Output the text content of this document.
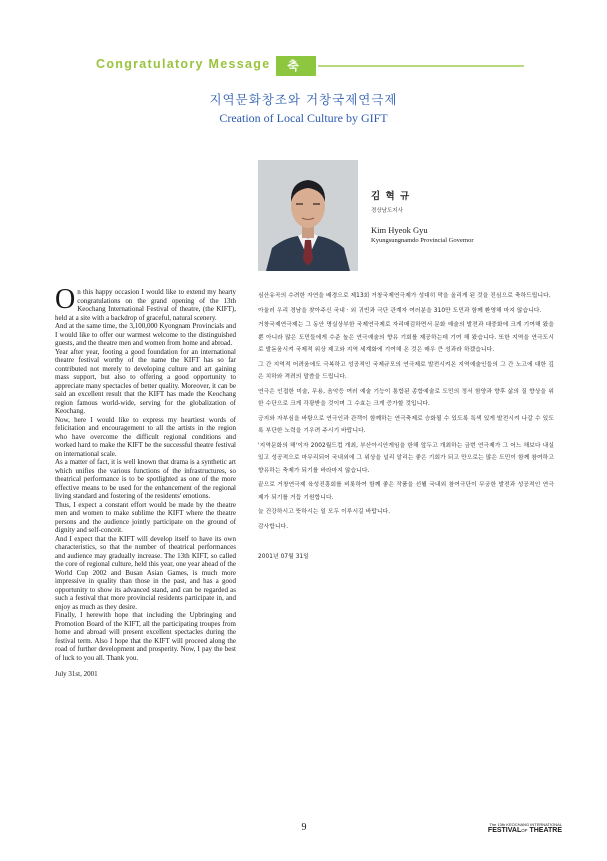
Congratulatory Message	축 사
지역문화창조와 거창국제연극제
Creation of Local Culture by GIFT
김 혁 규
경상남도지사
Kim Hyeok Gyu
Kyungsungnamdo Provincial Governor

On this happy occasion I would like to extend my hearty congratulations on the grand opening of the 13th Keochang International Festival of theatre, (the KIFT), held at a site with a backdrop of graceful, natural scenery.

And at the same time, the 3,100,000 Kyongnam Provincials and I would like to offer our warmest welcome to the distinguished guests, and the theatre men and women from home and abroad.

Year after year, footing a good foundation for an international theatre festival worthy of the name the KIFT has so far contributed not merely to developing culture and art gaining mass support, but also to offering a good opportunity to appreciate many spectacles of better quality. Moreover, it can be said an excellent result that the KIFT has made the Keochang region famous world-wide, serving for the globalization of Keochang.

Now, here I would like to express my heartiest words of felicitation and encouragement to all the artists in the region who have overcome the difficult regional conditions and worked hard to make the KIFT be the successful theatre festival on international scale.

As a matter of fact, it is well known that drama is a synthetic art which unifies the various functions of the infrastructures, so theatrical performance is to be spotlighted as one of the more effective means to be used for the enhancement of the regional living standard and fostering of the residents' emotions.

Thus, I expect a constant effort would be made by the theatre men and women to make sublime the KIFT where the theatre persons and the audience jointly participate on the ground of dignity and self-conceit.

And I expect that the KIFT will develop itself to have its own characteristics, so that the number of theatrical performances and audience may gradually increase. The 13th KIFT, so called the core of regional culture, held this year, one year ahead of the World Cup 2002 and Busan Asian Games, is much more impressive in quality than those in the past, and has a good opportunity to show its advanced stand, and can be regarded as such a festival that more provincial residents participate in, and enjoy as much as they desire.

Finally, I herewith hope that including the Upbringing and Promotion Board of the KIFT, all the participating troupes from home and abroad will present excellent spectacles during the festival term. Also I hope that the KIFT will proceed along the road of further development and prosperity. Now, I pay the best of luck to you all. Thank you.

July 31st, 2001

심산유곡의 수려한 자연을 배경으로 제13회 거창국제연극제가 성대히 막을 올리게 된 것을 진심으로 축하드립니다.

아울러 우리 경남을 찾아주신 국내 · 외 귀빈과 극단 관계자 여러분을 310만 도민과 함께 환영해 마지 않습니다.

거창국제연극제는 그 동안 명실상부한 국제연극제로 자리매김하면서 문화 예술의 발전과 대중화에 크게 기여해 왔을 뿐 아니라 많은 도민들에게 수준 높은 연극예술의 향유 기회를 제공하는데 기여 해 왔습니다. 또한 지역을 연극도시로 발돋움시켜 국제적 위상 제고와 지역 세계화에 기여해 온 것은 매우 큰 성과라 하겠습니다.

그 간 지역적 어려움에도 극복하고 성공적인 국제규모의 연극제로 발전시켜온 지역예술인들의 그 간 노고에 대한 깊은 치하와 격려의 말씀을 드립니다.

연극은 인접한 미술, 무용, 음악등 여러 예술 기능이 통합된 종합예술로 도민의 정서 함양과 향후 삶의 질 향상을 위한 수단으로 크게 각광받을 것이며 그 수효는 크게 증가할 것입니다.

긍지와 자부심을 바탕으로 연극인과 관객이 함께하는 연극축제로 승화될 수 있도록 특색 있게 발전시켜 나갈 수 있도록 부단한 노력을 기우려 주시기 바랍니다.

'지역문화의 해'이자 2002월드컵 개최, 부산아시안게임을 한해 앞두고 개최하는 금번 연극제가 그 어느 해보다 내실 있고 성공적으로 마무리되어 국내외에 그 위상을 널리 알리는 좋은 기회가 되고 만으로는 많은 도민이 함께 참여하고 향유하는 축제가 되기를 바라마지 않습니다.

끝으로 거창연극제 육성진흥회를 비롯하여 함께 좋은 작품을 선뵐 국내외 참여극단이 무궁한 발전과 성공적인 연극제가 되기를 거듭 기원합니다.

늘 건강하시고 뜻하시는 일 모두 이루시길 바랍니다.

감사합니다.

2001년 07월 31일

9	The 13th KEOCHANG INTERNATIONAL
FESTIVALOF THEATRE
